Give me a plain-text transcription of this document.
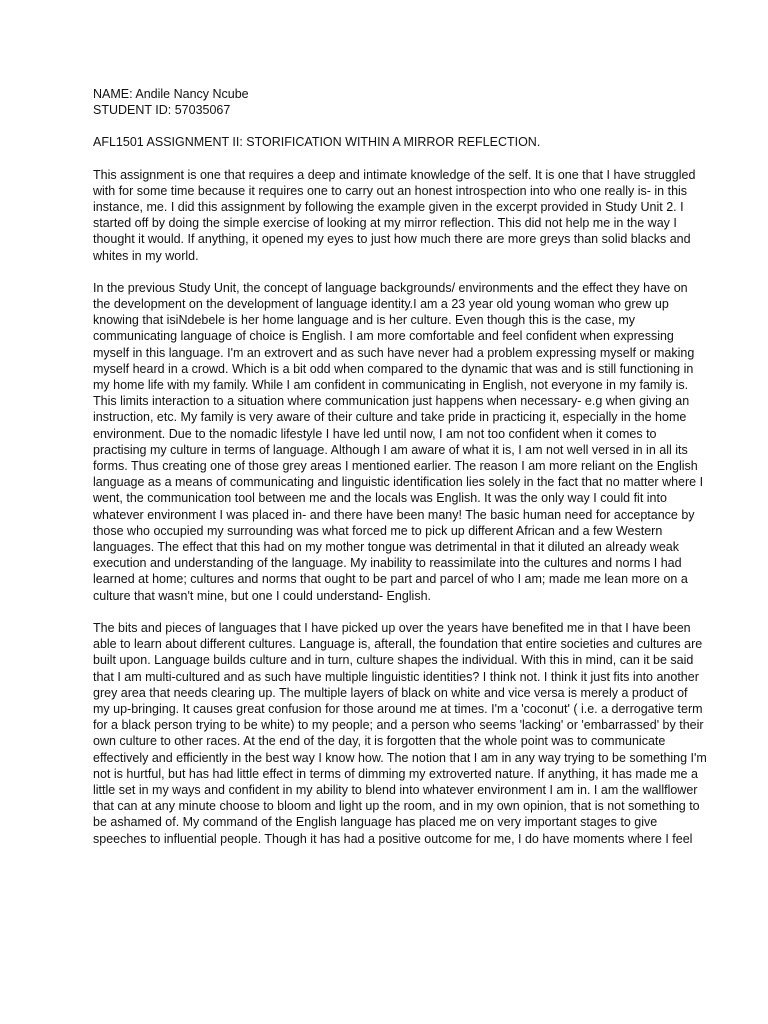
NAME: Andile Nancy Ncube

STUDENT ID: 57035067

AFL1501 ASSIGNMENT II: STORIFICATION WITHIN A MIRROR REFLECTION.

This assignment is one that requires a deep and intimate knowledge of the self. It is one that I have struggled with for some time because it requires one to carry out an honest introspection into who one really is- in this instance, me. I did this assignment by following the example given in the excerpt provided in Study Unit 2. I started off by doing the simple exercise of looking at my mirror reflection. This did not help me in the way I thought it would. If anything, it opened my eyes to just how much there are more greys than solid blacks and whites in my world.

In the previous Study Unit, the concept of language backgrounds/ environments and the effect they have on the development on the development of language identity.I am a 23 year old young woman who grew up knowing that isiNdebele is her home language and is her culture. Even though this is the case, my communicating language of choice is English. I am more comfortable and feel confident when expressing myself in this language. I'm an extrovert and as such have never had a problem expressing myself or making myself heard in a crowd. Which is a bit odd when compared to the dynamic that was and is still functioning in my home life with my family. While I am confident in communicating in English, not everyone in my family is. This limits interaction to a situation where communication just happens when necessary- e.g when giving an instruction, etc. My family is very aware of their culture and take pride in practicing it, especially in the home environment. Due to the nomadic lifestyle I have led until now, I am not too confident when it comes to practising my culture in terms of language. Although I am aware of what it is, I am not well versed in in all its forms. Thus creating one of those grey areas I mentioned earlier. The reason I am more reliant on the English language as a means of communicating and linguistic identification lies solely in the fact that no matter where I went, the communication tool between me and the locals was English. It was the only way I could fit into whatever environment I was placed in- and there have been many! The basic human need for acceptance by those who occupied my surrounding was what forced me to pick up different African and a few Western languages. The effect that this had on my mother tongue was detrimental in that it diluted an already weak execution and understanding of the language. My inability to reassimilate into the cultures and norms I had learned at home; cultures and norms that ought to be part and parcel of who I am; made me lean more on a culture that wasn't mine, but one I could understand- English.

The bits and pieces of languages that I have picked up over the years have benefited me in that I have been able to learn about different cultures. Language is, afterall, the foundation that entire societies and cultures are built upon. Language builds culture and in turn, culture shapes the individual. With this in mind, can it be said that I am multi-cultured and as such have multiple linguistic identities? I think not. I think it just fits into another grey area that needs clearing up. The multiple layers of black on white and vice versa is merely a product of my up-bringing. It causes great confusion for those around me at times. I'm a 'coconut' ( i.e. a derrogative term for a black person trying to be white) to my people; and a person who seems 'lacking' or 'embarrassed' by their own culture to other races. At the end of the day, it is forgotten that the whole point was to communicate effectively and efficiently in the best way I know how. The notion that I am in any way trying to be something I'm not is hurtful, but has had little effect in terms of dimming my extroverted nature. If anything, it has made me a little set in my ways and confident in my ability to blend into whatever environment I am in. I am the wallflower that can at any minute choose to bloom and light up the room, and in my own opinion, that is not something to be ashamed of. My command of the English language has placed me on very important stages to give speeches to influential people. Though it has had a positive outcome for me, I do have moments where I feel
